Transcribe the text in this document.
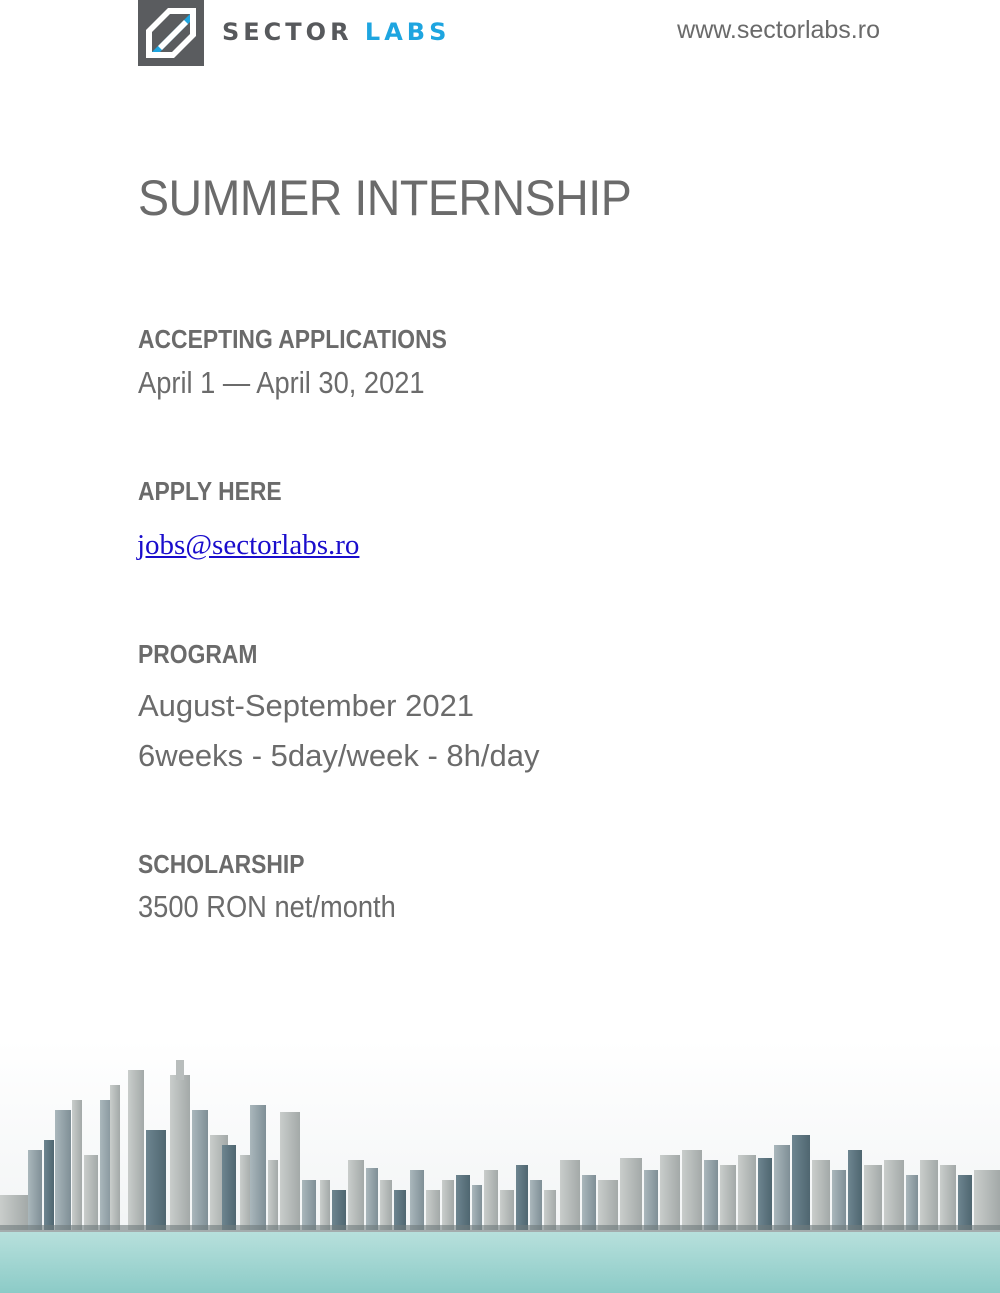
SECTOR LABS	www.sectorlabs.ro
SUMMER INTERNSHIP
ACCEPTING APPLICATIONS
April 1 — April 30, 2021
APPLY HERE
jobs@sectorlabs.ro
PROGRAM
August-September 2021
6weeks - 5day/week - 8h/day
SCHOLARSHIP
3500 RON net/month
